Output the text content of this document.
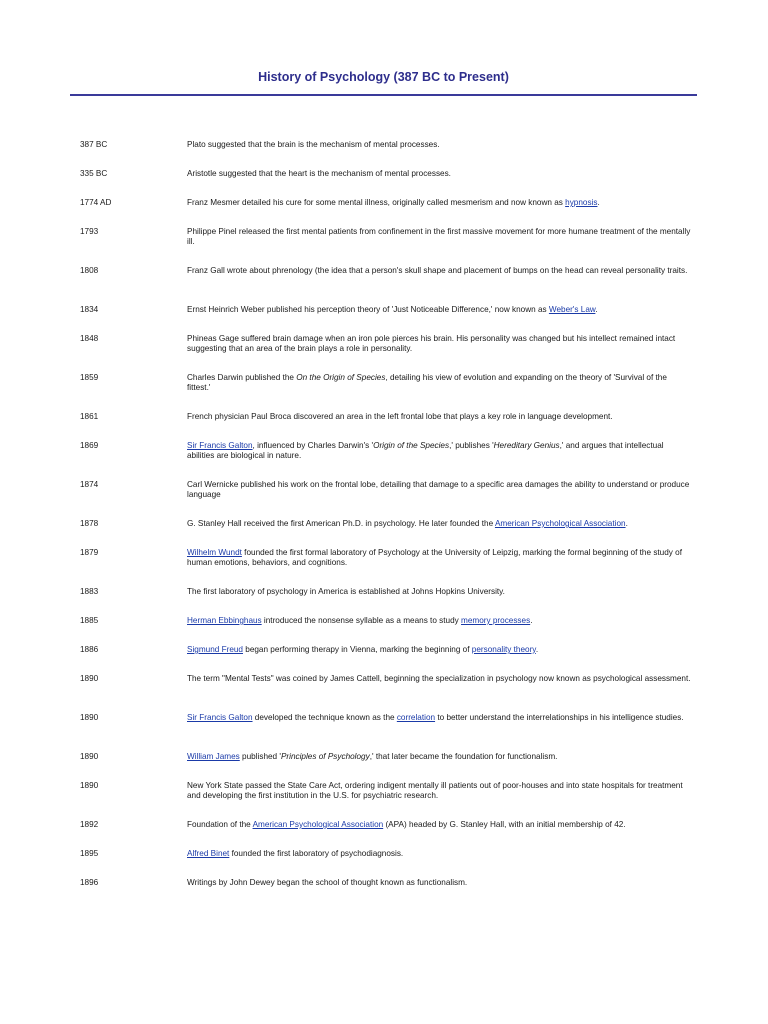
History of Psychology (387 BC to Present)
387 BC	Plato suggested that the brain is the mechanism of mental processes.
335 BC	Aristotle suggested that the heart is the mechanism of mental processes.
1774 AD	Franz Mesmer detailed his cure for some mental illness, originally called mesmerism and now known as hypnosis.
1793	Philippe Pinel released the first mental patients from confinement in the first massive movement for more humane treatment of the mentally ill.
1808	Franz Gall wrote about phrenology (the idea that a person's skull shape and placement of bumps on the head can reveal personality traits.
1834	Ernst Heinrich Weber published his perception theory of 'Just Noticeable Difference,' now known as Weber's Law.
1848	Phineas Gage suffered brain damage when an iron pole pierces his brain. His personality was changed but his intellect remained intact suggesting that an area of the brain plays a role in personality.
1859	Charles Darwin published the On the Origin of Species, detailing his view of evolution and expanding on the theory of 'Survival of the fittest.'
1861	French physician Paul Broca discovered an area in the left frontal lobe that plays a key role in language development.
1869	Sir Francis Galton, influenced by Charles Darwin's 'Origin of the Species,' publishes 'Hereditary Genius,' and argues that intellectual abilities are biological in nature.
1874	Carl Wernicke published his work on the frontal lobe, detailing that damage to a specific area damages the ability to understand or produce language
1878	G. Stanley Hall received the first American Ph.D. in psychology. He later founded the American Psychological Association.
1879	Wilhelm Wundt founded the first formal laboratory of Psychology at the University of Leipzig, marking the formal beginning of the study of human emotions, behaviors, and cognitions.
1883	The first laboratory of psychology in America is established at Johns Hopkins University.
1885	Herman Ebbinghaus introduced the nonsense syllable as a means to study memory processes.
1886	Sigmund Freud began performing therapy in Vienna, marking the beginning of personality theory.
1890	The term "Mental Tests" was coined by James Cattell, beginning the specialization in psychology now known as psychological assessment.
1890	Sir Francis Galton developed the technique known as the correlation to better understand the interrelationships in his intelligence studies.
1890	William James published 'Principles of Psychology,' that later became the foundation for functionalism.
1890	New York State passed the State Care Act, ordering indigent mentally ill patients out of poor-houses and into state hospitals for treatment and developing the first institution in the U.S. for psychiatric research.
1892	Foundation of the American Psychological Association (APA) headed by G. Stanley Hall, with an initial membership of 42.
1895	Alfred Binet founded the first laboratory of psychodiagnosis.
1896	Writings by John Dewey began the school of thought known as functionalism.
